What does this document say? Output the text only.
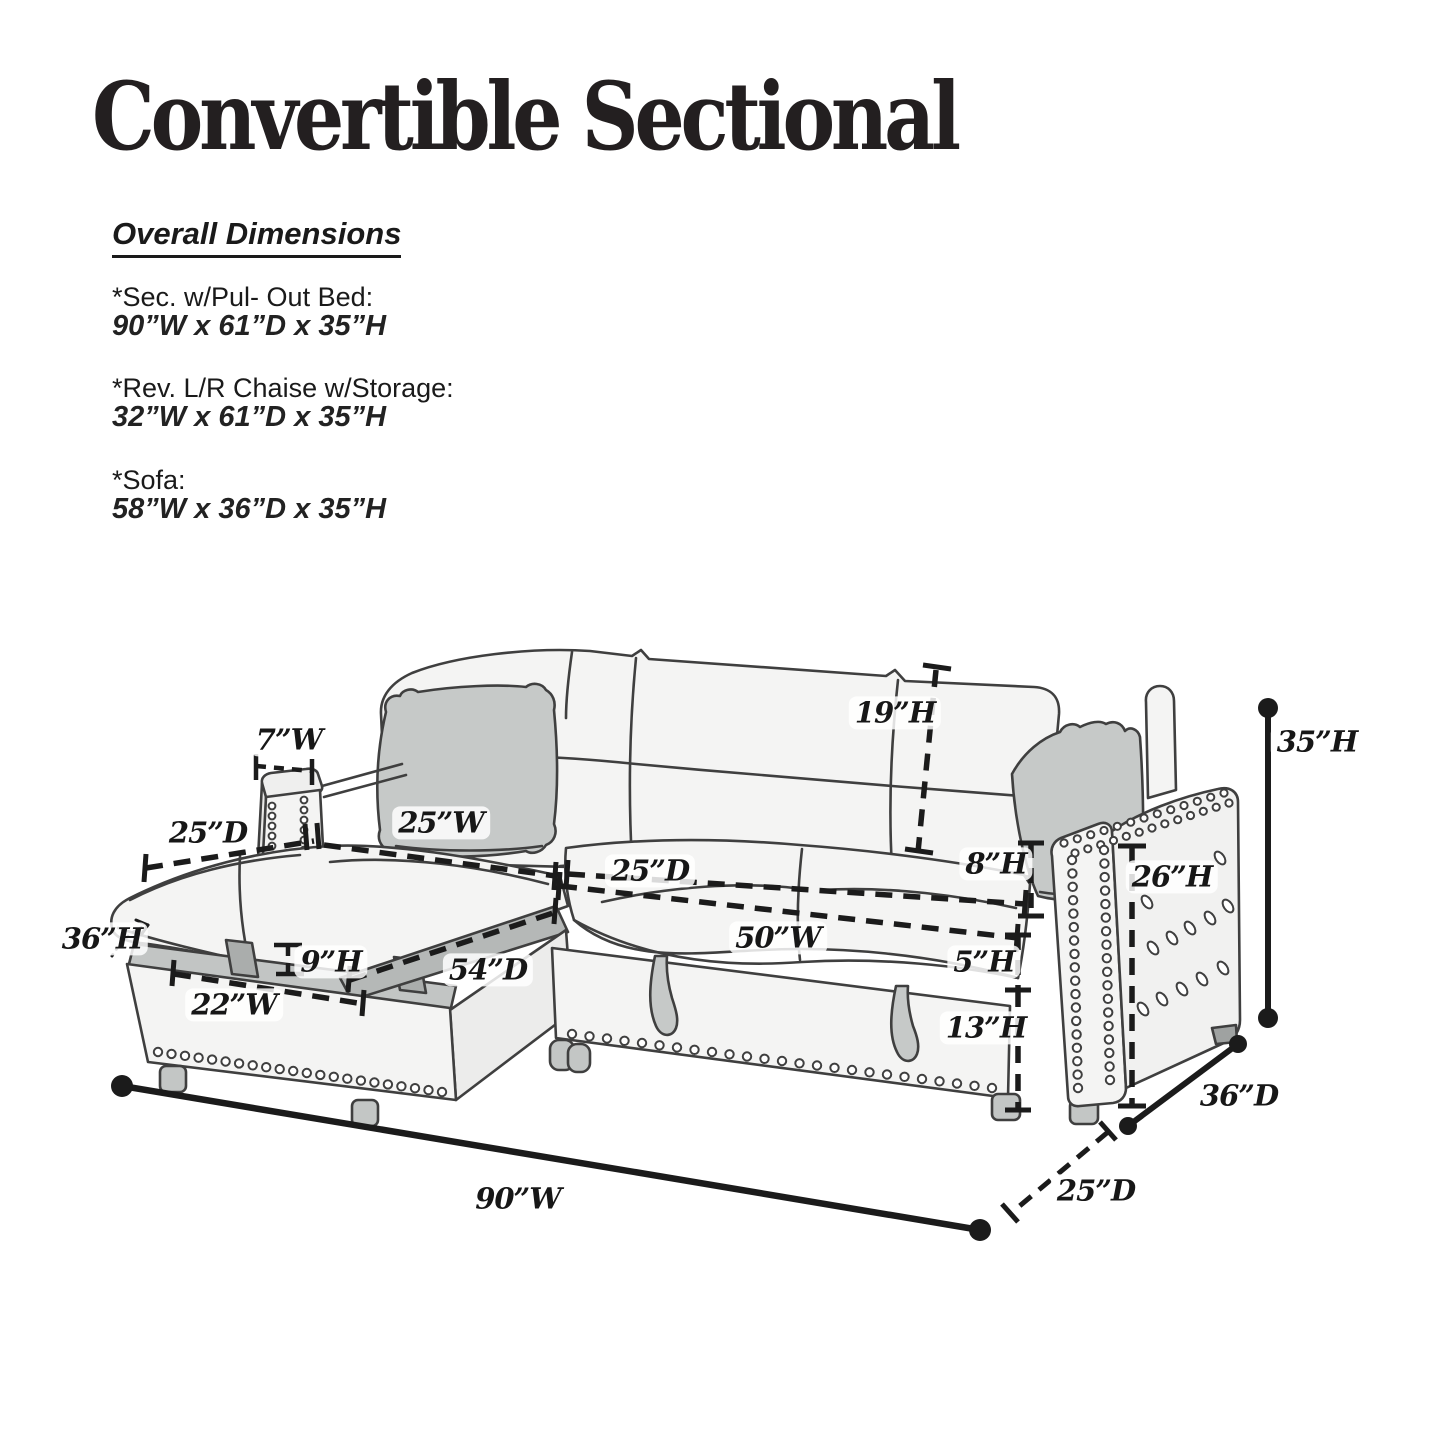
Convertible Sectional
Overall Dimensions
*Sec. w/Pul- Out Bed:
90”W x 61”D x 35”H
*Rev. L/R Chaise w/Storage:
32”W x 61”D x 35”H
*Sofa:
58”W x 36”D x 35”H
7”W
25”D	25”W
25”D
19”H
8”H	26”H
35”H
36”H
9”H	54”D
50”W
5”H
13”H
22”W
90”W
36”D
25”D
